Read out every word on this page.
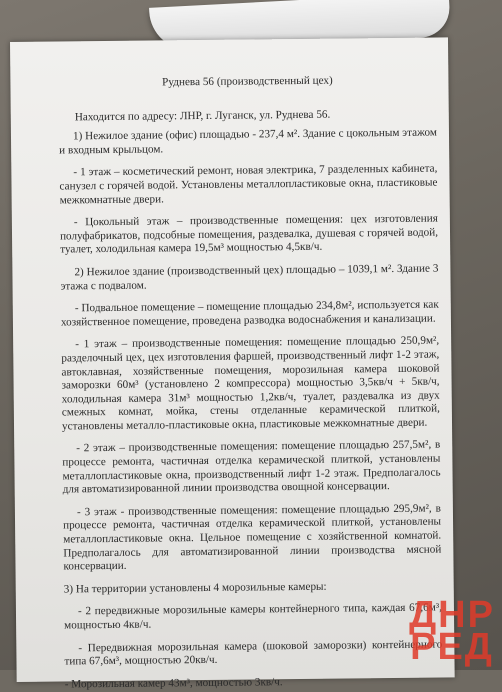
Руднева 56 (производственный цех)
Находится по адресу: ЛНР, г. Луганск, ул. Руднева 56.
1) Нежилое здание (офис) площадью - 237,4 м². Здание с цокольным этажом и входным крыльцом.
- 1 этаж – косметический ремонт, новая электрика, 7 разделенных кабинета, санузел с горячей водой. Установлены металлопластиковые окна, пластиковые межкомнатные двери.
- Цокольный этаж – производственные помещения: цех изготовления полуфабрикатов, подсобные помещения, раздевалка, душевая с горячей водой, туалет, холодильная камера 19,5м³ мощностью 4,5кв/ч.
2) Нежилое здание (производственный цех) площадью – 1039,1 м². Здание 3 этажа с подвалом.
- Подвальное помещение – помещение площадью 234,8м², используется как хозяйственное помещение, проведена разводка водоснабжения и канализации.
- 1 этаж – производственные помещения: помещение площадью 250,9м², разделочный цех, цех изготовления фаршей, производственный лифт 1-2 этаж, автоклавная, хозяйственные помещения, морозильная камера шоковой заморозки 60м³ (установлено 2 компрессора) мощностью 3,5кв/ч + 5кв/ч, холодильная камера 31м³ мощностью 1,2кв/ч, туалет, раздевалка из двух смежных комнат, мойка, стены отделанные керамической плиткой, установлены металло-пластиковые окна, пластиковые межкомнатные двери.
- 2 этаж – производственные помещения: помещение площадью 257,5м², в процессе ремонта, частичная отделка керамической плиткой, установлены металлопластиковые окна, производственный лифт 1-2 этаж. Предполагалось для автоматизированной линии производства овощной консервации.
- 3 этаж - производственные помещения: помещение площадью 295,9м², в процессе ремонта, частичная отделка керамической плиткой, установлены металлопластиковые окна. Цельное помещение с хозяйственной комнатой. Предполагалось для автоматизированной линии производства мясной консервации.
3) На территории установлены 4 морозильные камеры:
- 2 передвижные морозильные камеры контейнерного типа, каждая 67,6м³, мощностью 4кв/ч.
- Передвижная морозильная камера (шоковой заморозки) контейнерного типа 67,6м³, мощностью 20кв/ч.
- Морозильная камер 43м³, мощностью 3кв/ч.
ДНР
РЕД
